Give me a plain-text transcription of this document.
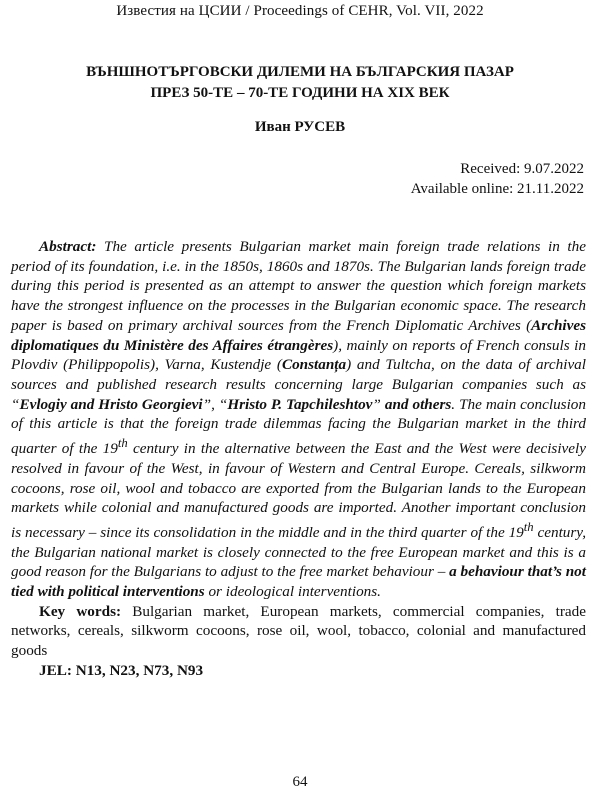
Известия на ЦСИИ / Proceedings of CEHR, Vol. VII, 2022
ВЪНШНОТЪРГОВСКИ ДИЛЕМИ НА БЪЛГАРСКИЯ ПАЗАР
ПРЕЗ 50-ТЕ – 70-ТЕ ГОДИНИ НА XIX ВЕК
Иван РУСЕВ
Received: 9.07.2022
Available online: 21.11.2022

Abstract: The article presents Bulgarian market main foreign trade relations in the period of its foundation, i.e. in the 1850s, 1860s and 1870s. The Bulgarian lands foreign trade during this period is presented as an attempt to answer the question which foreign markets have the strongest influence on the processes in the Bulgarian economic space. The research paper is based on primary archival sources from the French Diplomatic Archives (Archives diplomatiques du Ministère des Affaires étrangères), mainly on reports of French consuls in Plovdiv (Philippopolis), Varna, Kustendje (Constanța) and Tultcha, on the data of archival sources and published research results concerning large Bulgarian companies such as “Evlogiy and Hristo Georgievi”, “Hristo P. Tapchileshtov” and others. The main conclusion of this article is that the foreign trade dilemmas facing the Bulgarian market in the third quarter of the 19th century in the alternative between the East and the West were decisively resolved in favour of the West, in favour of Western and Central Europe. Cereals, silkworm cocoons, rose oil, wool and tobacco are exported from the Bulgarian lands to the European markets while colonial and manufactured goods are imported. Another important conclusion is necessary – since its consolidation in the middle and in the third quarter of the 19th century, the Bulgarian national market is closely connected to the free European market and this is a good reason for the Bulgarians to adjust to the free market behaviour – a behaviour that’s not tied with political interventions or ideological interventions.

Key words: Bulgarian market, European markets, commercial companies, trade networks, cereals, silkworm cocoons, rose oil, wool, tobacco, colonial and manufactured goods

JEL: N13, N23, N73, N93

64
